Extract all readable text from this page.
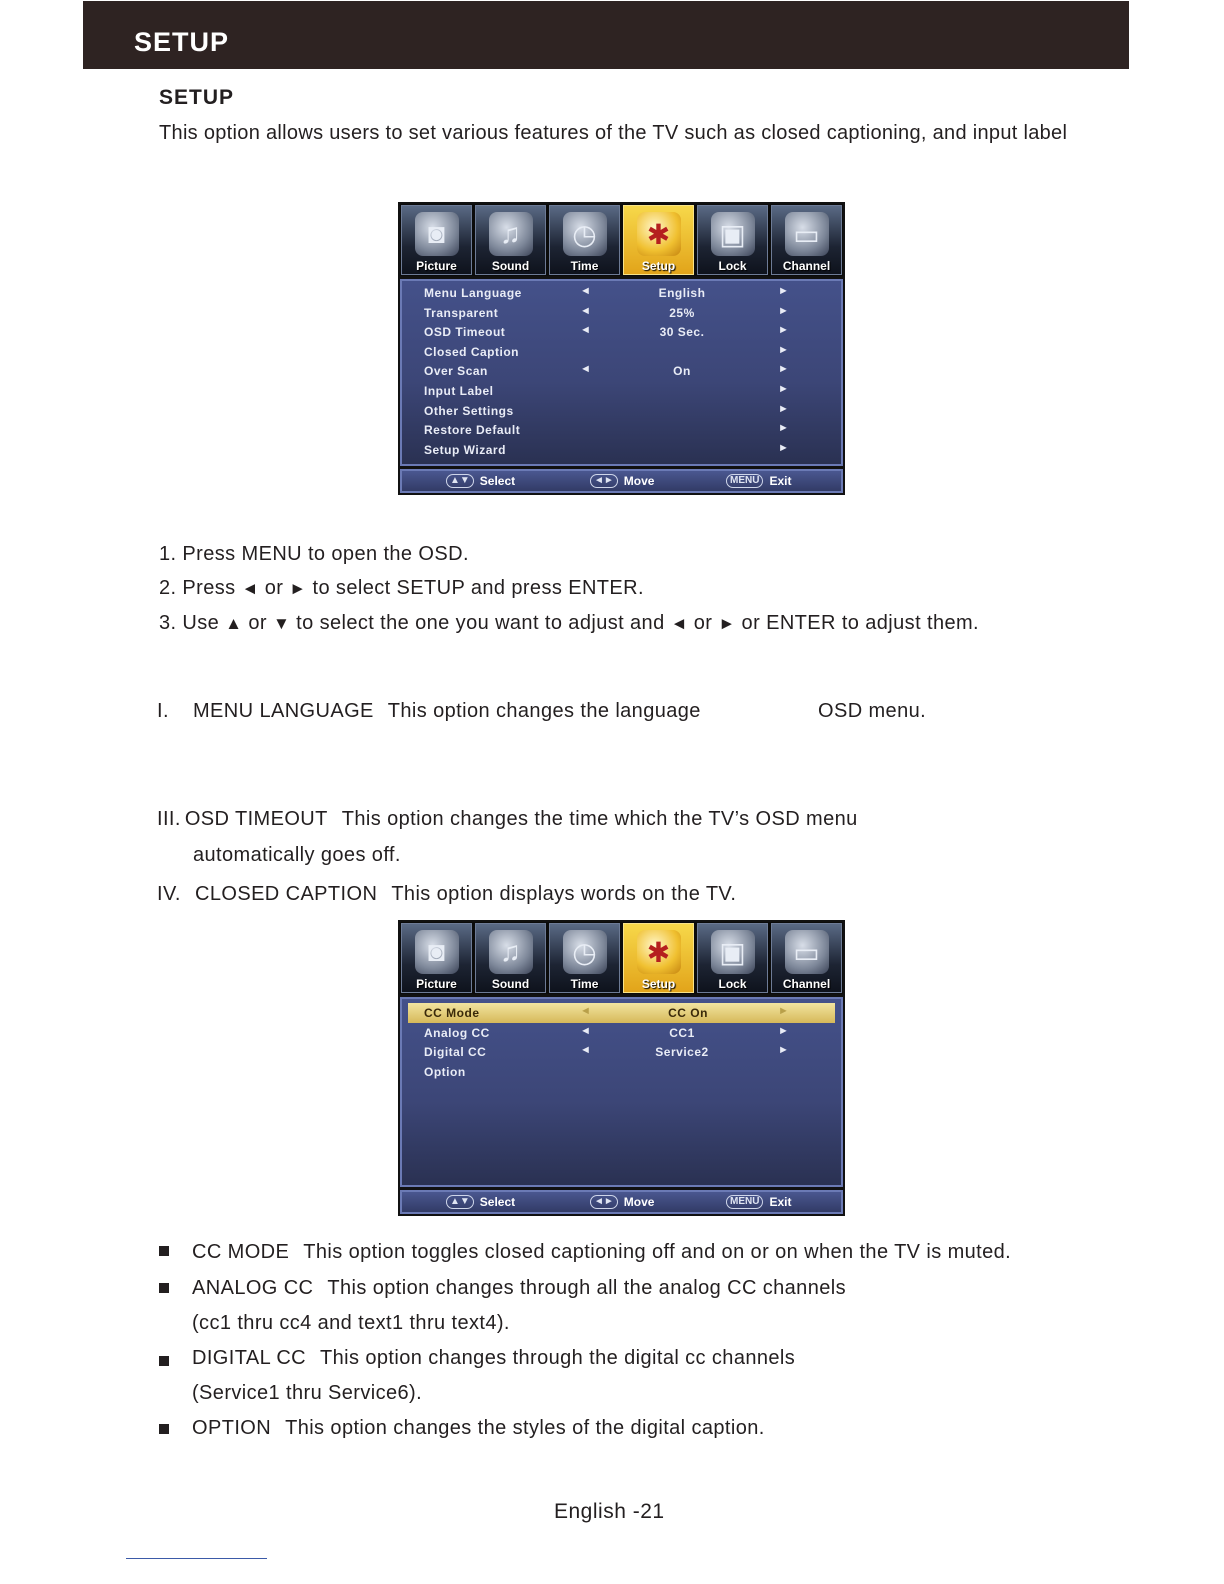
SETUP
SETUP
This option allows users to set various features of the TV such as closed captioning, and input label
◙
Picture
♫
Sound
◷
Time
✱
Setup
▣
Lock
▭
Channel
Menu Language	◄	English	►
Transparent	◄	25%	►
OSD Timeout	◄	30 Sec.	►
Closed Caption	►
Over Scan	◄	On	►
Input Label	►
Other Settings	►
Restore Default	►
Setup Wizard	►
▲▼ Select	◄► Move	MENU Exit
1. Press MENU to open the OSD.
2. Press ◄ or ► to select SETUP and press ENTER.
3. Use ▲ or ▼ to select the one you want to adjust and ◄ or ► or ENTER to adjust them.
I. MENU LANGUAGE This option changes the language	OSD menu.
III. OSD TIMEOUT This option changes the time which the TV’s OSD menu
automatically goes off.
IV. CLOSED CAPTION This option displays words on the TV.
◙
Picture
♫
Sound
◷
Time
✱
Setup
▣
Lock
▭
Channel
CC Mode	◄	CC On	►
Analog CC	◄	CC1	►
Digital CC	◄	Service2	►
Option
▲▼ Select	◄► Move	MENU Exit
CC MODE This option toggles closed captioning off and on or on when the TV is muted.
ANALOG CC This option changes through all the analog CC channels
(cc1 thru cc4 and text1 thru text4).
DIGITAL CC This option changes through the digital cc channels
(Service1 thru Service6).
OPTION This option changes the styles of the digital caption.
English -21
